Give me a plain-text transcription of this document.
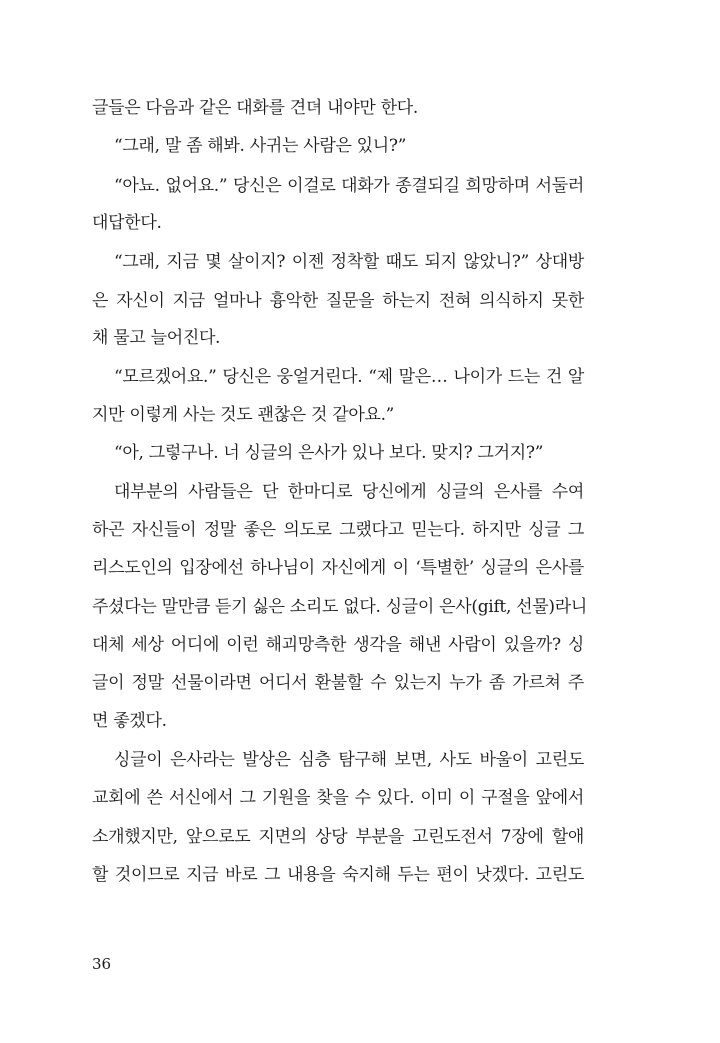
글들은 다음과 같은 대화를 견뎌 내야만 한다.
“그래, 말 좀 해봐. 사귀는 사람은 있니?”
“아뇨. 없어요.” 당신은 이걸로 대화가 종결되길 희망하며 서둘러
대답한다.
“그래, 지금 몇 살이지? 이젠 정착할 때도 되지 않았니?” 상대방
은 자신이 지금 얼마나 흉악한 질문을 하는지 전혀 의식하지 못한
채 물고 늘어진다.
“모르겠어요.” 당신은 웅얼거린다. “제 말은… 나이가 드는 건 알
지만 이렇게 사는 것도 괜찮은 것 같아요.”
“아, 그렇구나. 너 싱글의 은사가 있나 보다. 맞지? 그거지?”
대부분의 사람들은 단 한마디로 당신에게 싱글의 은사를 수여
하곤 자신들이 정말 좋은 의도로 그랬다고 믿는다. 하지만 싱글 그
리스도인의 입장에선 하나님이 자신에게 이 ‘특별한’ 싱글의 은사를
주셨다는 말만큼 듣기 싫은 소리도 없다. 싱글이 은사(gift, 선물)라니
대체 세상 어디에 이런 해괴망측한 생각을 해낸 사람이 있을까? 싱
글이 정말 선물이라면 어디서 환불할 수 있는지 누가 좀 가르쳐 주
면 좋겠다.
싱글이 은사라는 발상은 심층 탐구해 보면, 사도 바울이 고린도
교회에 쓴 서신에서 그 기원을 찾을 수 있다. 이미 이 구절을 앞에서
소개했지만, 앞으로도 지면의 상당 부분을 고린도전서 7장에 할애
할 것이므로 지금 바로 그 내용을 숙지해 두는 편이 낫겠다. 고린도
36
